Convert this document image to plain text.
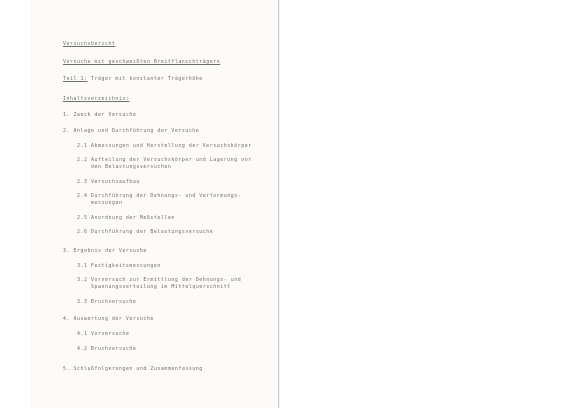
Versuchsbericht
Versuche mit geschweißten Breitflanschträgern
Teil 1: Träger mit konstanter Trägerhöhe
Inhaltsverzeichnis:
1. Zweck der Versuche
2. Anlage und Durchführung der Versuche
2.1 Abmessungen und Herstellung der Versuchskörper
2.2 Aufteilung der Versuchskörper und Lagerung vor
den Belastungsversuchen
2.3 Versuchsaufbau
2.4 Durchführung der Dehnungs- und Verformungs-
messungen
2.5 Anordnung der Meßstellen
2.6 Durchführung der Belastungsversuche
3. Ergebnis der Versuche
3.1 Festigkeitsmessungen
3.2 Vorversuch zur Ermittlung der Dehnungs- und
Spannungsverteilung im Mittelquerschnitt
3.3 Bruchversuche
4. Auswertung der Versuche
4.1 Vorversuche
4.2 Bruchversuche
5. Schlußfolgerungen und Zusammenfassung
